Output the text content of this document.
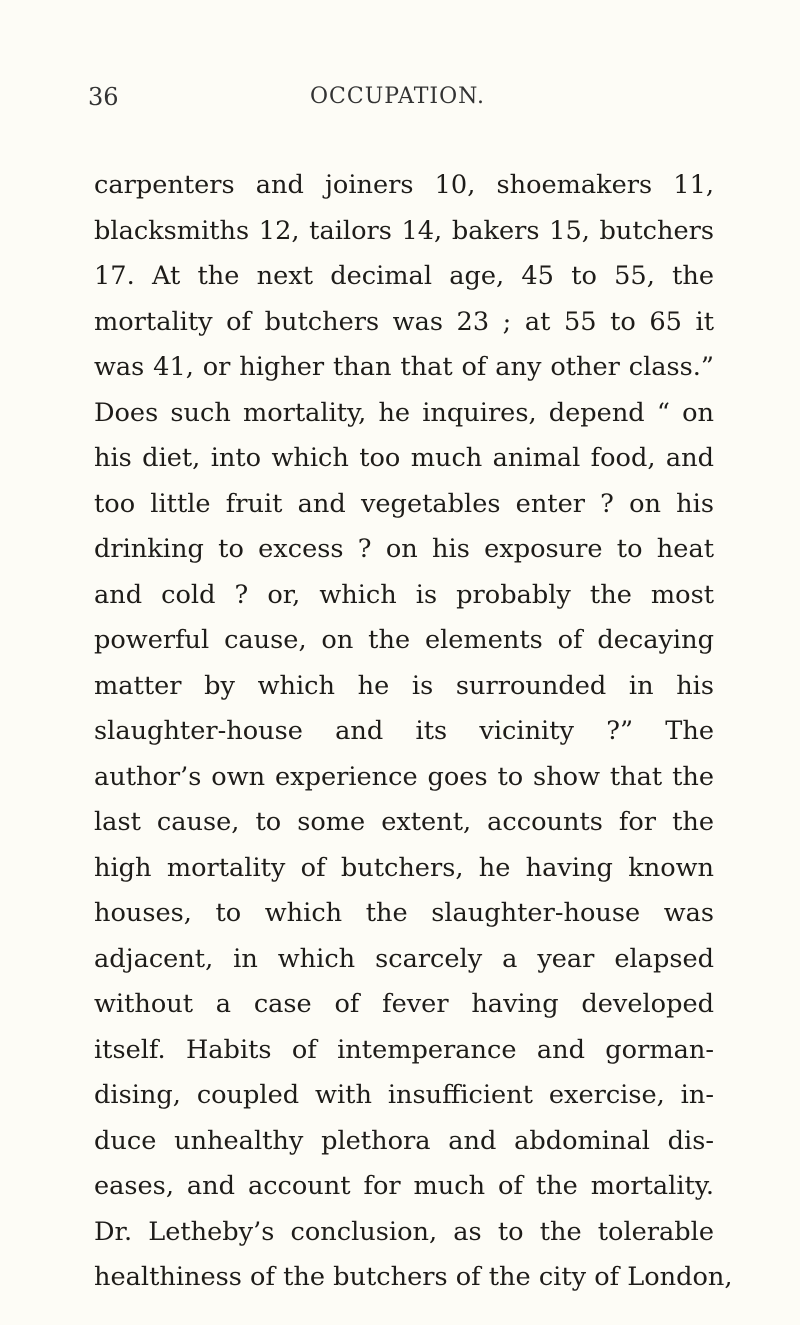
36	OCCUPATION.
carpenters and joiners 10, shoemakers 11,
blacksmiths 12, tailors 14, bakers 15, butchers
17. At the next decimal age, 45 to 55, the
mortality of butchers was 23 ; at 55 to 65 it
was 41, or higher than that of any other class.”
Does such mortality, he inquires, depend “ on
his diet, into which too much animal food, and
too little fruit and vegetables enter ? on his
drinking to excess ? on his exposure to heat
and cold ? or, which is probably the most
powerful cause, on the elements of decaying
matter by which he is surrounded in his
slaughter-house and its vicinity ?” The
author’s own experience goes to show that the
last cause, to some extent, accounts for the
high mortality of butchers, he having known
houses, to which the slaughter-house was
adjacent, in which scarcely a year elapsed
without a case of fever having developed
itself. Habits of intemperance and gorman-
dising, coupled with insufficient exercise, in-
duce unhealthy plethora and abdominal dis-
eases, and account for much of the mortality.
Dr. Letheby’s conclusion, as to the tolerable
healthiness of the butchers of the city of London,
